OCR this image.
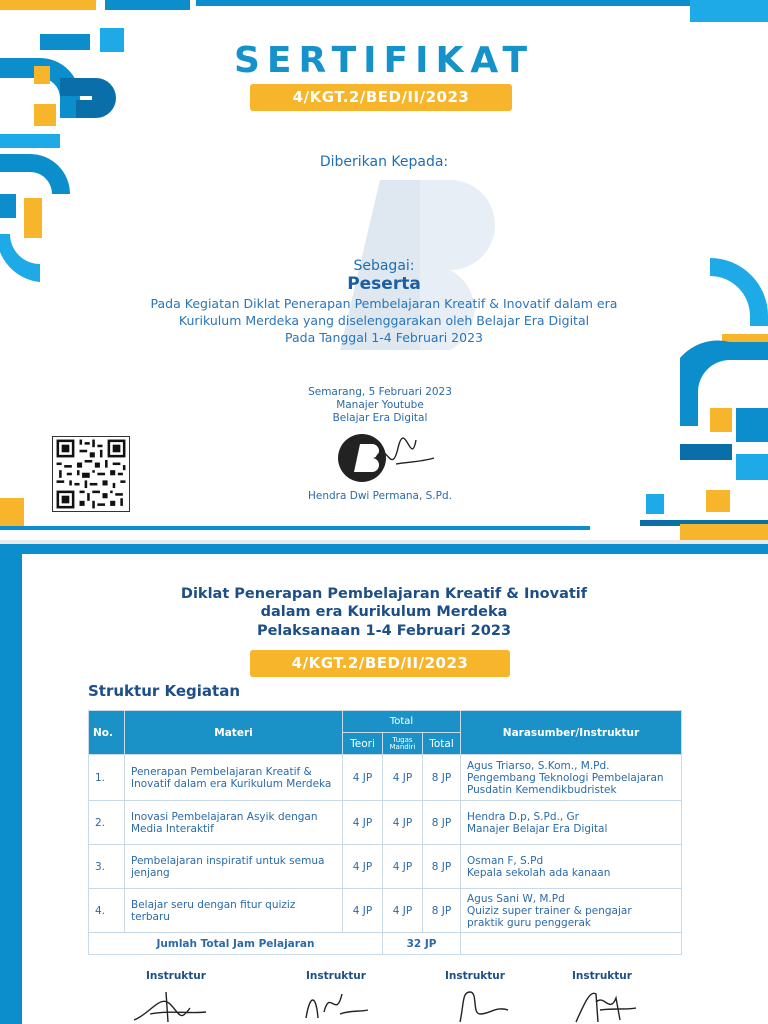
SERTIFIKAT
4/KGT.2/BED/II/2023
Diberikan Kepada:
Sebagai:
Peserta
Pada Kegiatan Diklat Penerapan Pembelajaran Kreatif & Inovatif dalam era
Kurikulum Merdeka yang diselenggarakan oleh Belajar Era Digital
Pada Tanggal 1-4 Februari 2023
Semarang, 5 Februari 2023
Manajer Youtube
Belajar Era Digital
Hendra Dwi Permana, S.Pd.
Diklat Penerapan Pembelajaran Kreatif & Inovatif
dalam era Kurikulum Merdeka
Pelaksanaan 1-4 Februari 2023
4/KGT.2/BED/II/2023
Struktur Kegiatan
No.	Materi	Total			Narasumber/Instruktur
		Teori	Tugas Mandiri	Total	
1.	Penerapan Pembelajaran Kreatif & Inovatif dalam era Kurikulum Merdeka	4 JP	4 JP	8 JP	Agus Triarso, S.Kom., M.Pd.
Pengembang Teknologi Pembelajaran
Pusdatin Kemendikbudristek

2.	Inovasi Pembelajaran Asyik dengan Media Interaktif	4 JP	4 JP	8 JP	Hendra D.p, S.Pd., Gr
Manajer Belajar Era Digital

3.	Pembelajaran inspiratif untuk semua jenjang	4 JP	4 JP	8 JP	Osman F, S.Pd
Kepala sekolah ada kanaan

4.	Belajar seru dengan fitur quiziz terbaru	4 JP	4 JP	8 JP	Agus Sani W, M.Pd
Quiziz super trainer & pengajar
praktik guru penggerak

Jumlah Total Jam Pelajaran			32 JP		
Instruktur	Instruktur	Instruktur	Instruktur
